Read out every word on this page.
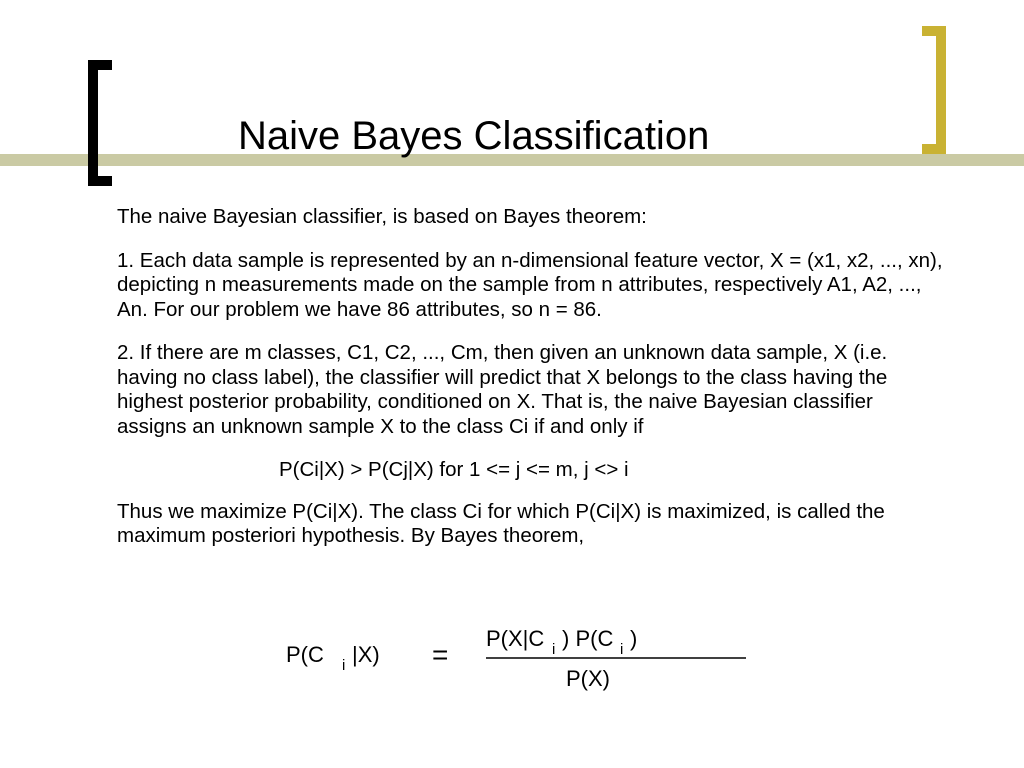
Naive Bayes Classification

The naive Bayesian classifier, is based on Bayes theorem:

1. Each data sample is represented by an n-dimensional feature vector, X = (x1, x2, ..., xn), depicting n measurements made on the sample from n attributes, respectively A1, A2, ..., An. For our problem we have 86 attributes, so n = 86.

2. If there are m classes, C1, C2, ..., Cm, then given an unknown data sample, X (i.e. having no class label), the classifier will predict that X belongs to the class having the highest posterior probability, conditioned on X. That is, the naive Bayesian classifier assigns an unknown sample X to the class Ci if and only if

P(Ci|X) > P(Cj|X) for 1 <= j <= m, j <> i

Thus we maximize P(Ci|X). The class Ci for which P(Ci|X) is maximized, is called the maximum posteriori hypothesis. By Bayes theorem,

P(C i |X) =
P(X|C i ) P(C i )
P(X)
